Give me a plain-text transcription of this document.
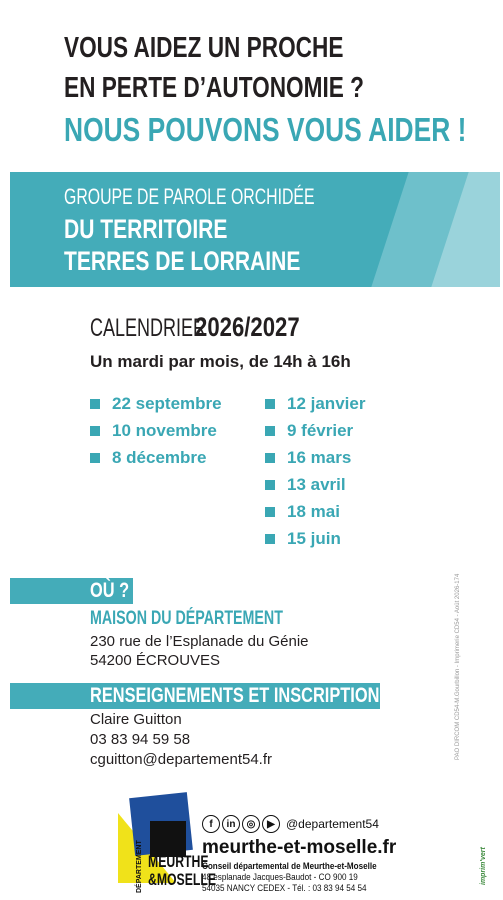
VOUS AIDEZ UN PROCHE
EN PERTE D’AUTONOMIE ?
NOUS POUVONS VOUS AIDER !
GROUPE DE PAROLE ORCHIDÉE
DU TERRITOIRE
TERRES DE LORRAINE
CALENDRIER2026/2027
Un mardi par mois, de 14h à 16h
22 septembre
10 novembre
8 décembre
12 janvier
9 février
16 mars
13 avril
18 mai
15 juin
OÙ ?
MAISON DU DÉPARTEMENT
230 rue de l’Esplanade du Génie
54200 ÉCROUVES
RENSEIGNEMENTS ET INSCRIPTION
Claire Guitton
03 83 94 59 58
cguitton@departement54.fr	PAO DIRCOM CD54-M.Gourbillon - Imprimerie CD54 - Août 2026-174
imprim'vert
MEURTHE
&MOSELLE
DÉPARTEMENT
f	in	◎	▶ @departement54
meurthe-et-moselle.fr
Conseil départemental de Meurthe-et-Moselle
48 esplanade Jacques-Baudot - CO 900 19
54035 NANCY CEDEX - Tél. : 03 83 94 54 54
